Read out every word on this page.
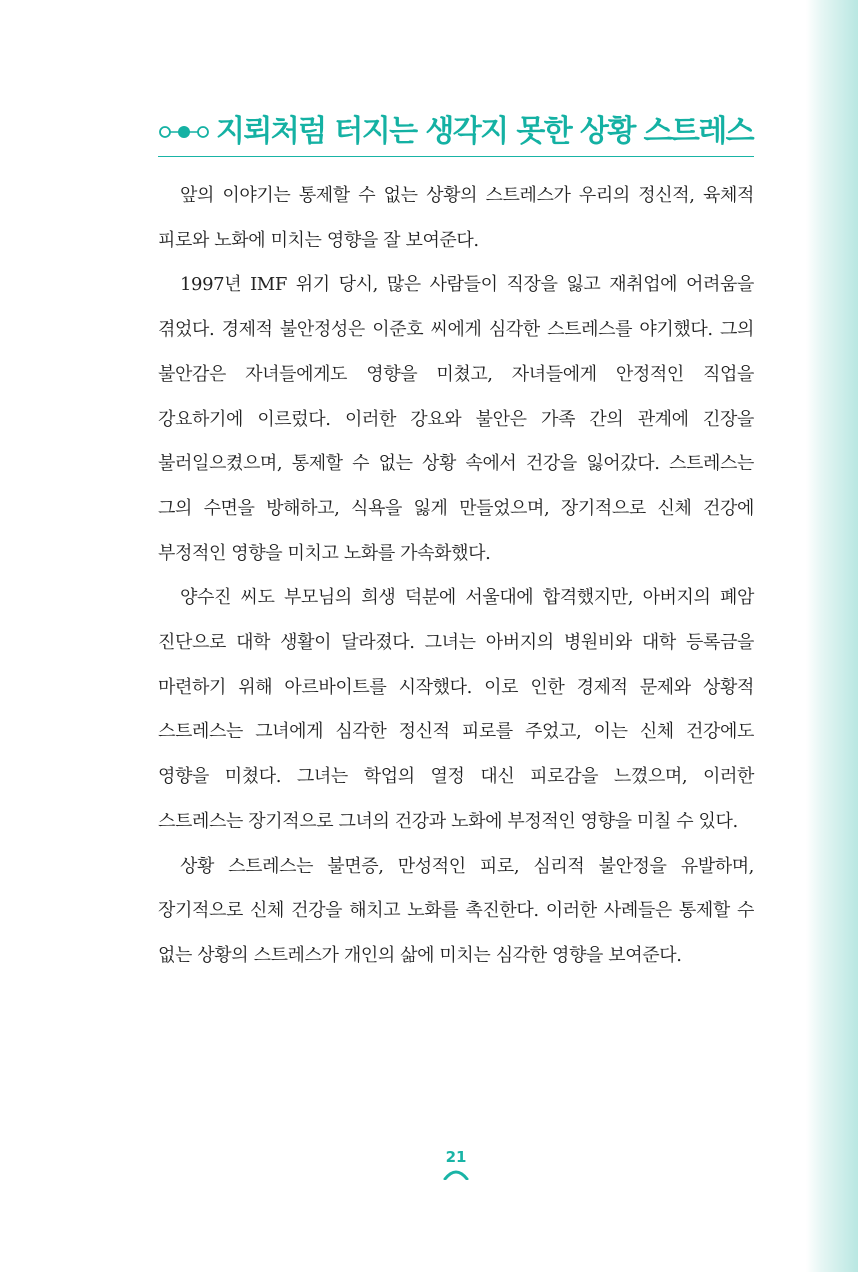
지뢰처럼 터지는 생각지 못한 상황 스트레스

앞의 이야기는 통제할 수 없는 상황의 스트레스가 우리의 정신적, 육체적 피로와 노화에 미치는 영향을 잘 보여준다.

1997년 IMF 위기 당시, 많은 사람들이 직장을 잃고 재취업에 어려움을 겪었다. 경제적 불안정성은 이준호 씨에게 심각한 스트레스를 야기했다. 그의 불안감은 자녀들에게도 영향을 미쳤고, 자녀들에게 안정적인 직업을 강요하기에 이르렀다. 이러한 강요와 불안은 가족 간의 관계에 긴장을 불러일으켰으며, 통제할 수 없는 상황 속에서 건강을 잃어갔다. 스트레스는 그의 수면을 방해하고, 식욕을 잃게 만들었으며, 장기적으로 신체 건강에 부정적인 영향을 미치고 노화를 가속화했다.

양수진 씨도 부모님의 희생 덕분에 서울대에 합격했지만, 아버지의 폐암 진단으로 대학 생활이 달라졌다. 그녀는 아버지의 병원비와 대학 등록금을 마련하기 위해 아르바이트를 시작했다. 이로 인한 경제적 문제와 상황적 스트레스는 그녀에게 심각한 정신적 피로를 주었고, 이는 신체 건강에도 영향을 미쳤다. 그녀는 학업의 열정 대신 피로감을 느꼈으며, 이러한 스트레스는 장기적으로 그녀의 건강과 노화에 부정적인 영향을 미칠 수 있다.

상황 스트레스는 불면증, 만성적인 피로, 심리적 불안정을 유발하며, 장기적으로 신체 건강을 해치고 노화를 촉진한다. 이러한 사례들은 통제할 수 없는 상황의 스트레스가 개인의 삶에 미치는 심각한 영향을 보여준다.

21
